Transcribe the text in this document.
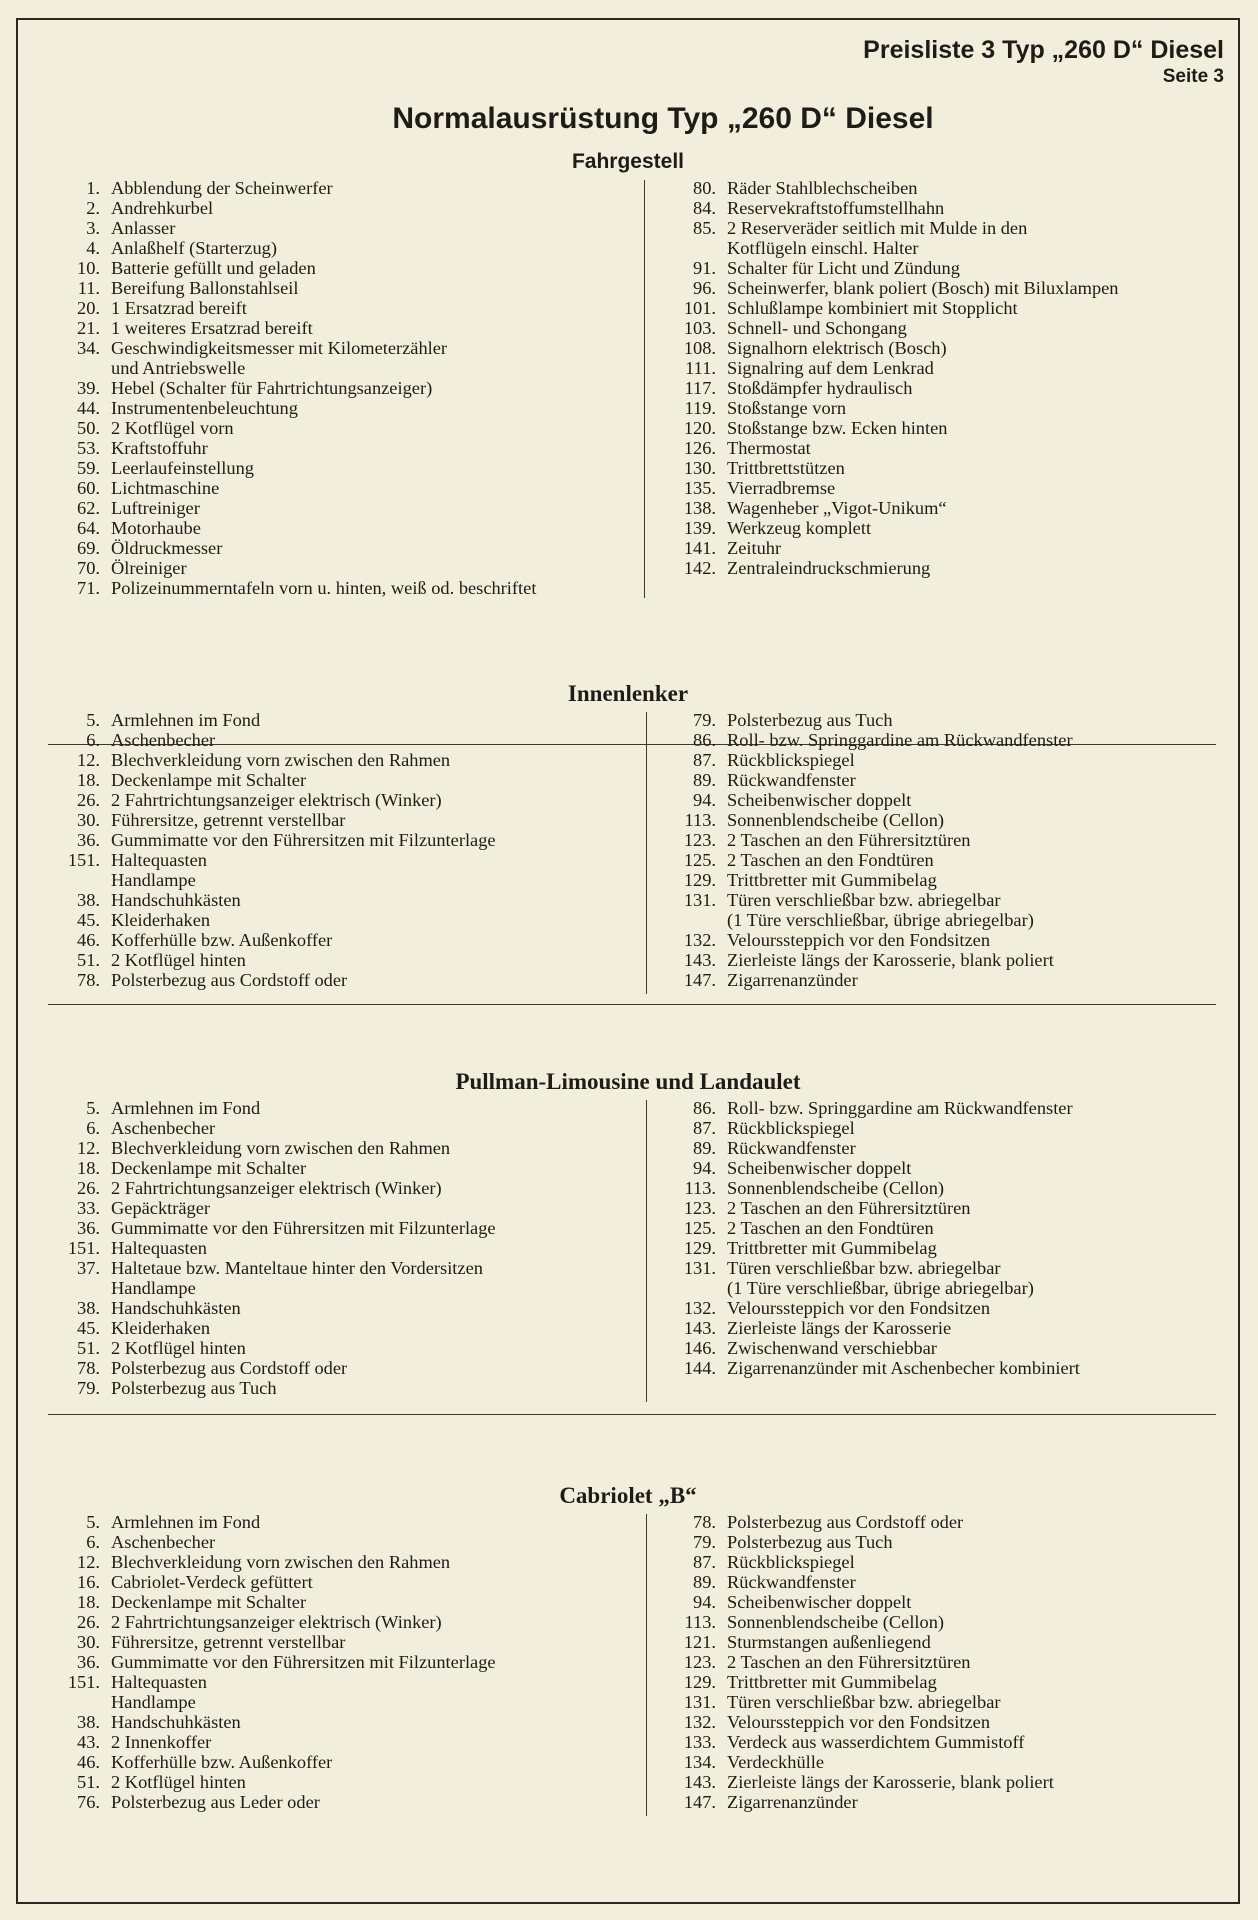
Preisliste 3 Typ „260 D“ Diesel
Seite 3
Normalausrüstung Typ „260 D“ Diesel
Fahrgestell
1. Abblendung der Scheinwerfer
2. Andrehkurbel
3. Anlasser
4. Anlaßhelf (Starterzug)
10. Batterie gefüllt und geladen
11. Bereifung Ballonstahlseil
20. 1 Ersatzrad bereift
21. 1 weiteres Ersatzrad bereift
34. Geschwindigkeitsmesser mit Kilometerzähler
und Antriebswelle
39. Hebel (Schalter für Fahrtrichtungsanzeiger)
44. Instrumentenbeleuchtung
50. 2 Kotflügel vorn
53. Kraftstoffuhr
59. Leerlaufeinstellung
60. Lichtmaschine
62. Luftreiniger
64. Motorhaube
69. Öldruckmesser
70. Ölreiniger
71. Polizeinummerntafeln vorn u. hinten, weiß od. beschriftet
80. Räder Stahlblechscheiben
84. Reservekraftstoffumstellhahn
85. 2 Reserveräder seitlich mit Mulde in den
Kotflügeln einschl. Halter
91. Schalter für Licht und Zündung
96. Scheinwerfer, blank poliert (Bosch) mit Biluxlampen
101. Schlußlampe kombiniert mit Stopplicht
103. Schnell- und Schongang
108. Signalhorn elektrisch (Bosch)
111. Signalring auf dem Lenkrad
117. Stoßdämpfer hydraulisch
119. Stoßstange vorn
120. Stoßstange bzw. Ecken hinten
126. Thermostat
130. Trittbrettstützen
135. Vierradbremse
138. Wagenheber „Vigot-Unikum“
139. Werkzeug komplett
141. Zeituhr
142. Zentraleindruckschmierung
Innenlenker
5. Armlehnen im Fond
6. Aschenbecher
12. Blechverkleidung vorn zwischen den Rahmen
18. Deckenlampe mit Schalter
26. 2 Fahrtrichtungsanzeiger elektrisch (Winker)
30. Führersitze, getrennt verstellbar
36. Gummimatte vor den Führersitzen mit Filzunterlage
151. Haltequasten
Handlampe
38. Handschuhkästen
45. Kleiderhaken
46. Kofferhülle bzw. Außenkoffer
51. 2 Kotflügel hinten
78. Polsterbezug aus Cordstoff oder
79. Polsterbezug aus Tuch
86. Roll- bzw. Springgardine am Rückwandfenster
87. Rückblickspiegel
89. Rückwandfenster
94. Scheibenwischer doppelt
113. Sonnenblendscheibe (Cellon)
123. 2 Taschen an den Führersitztüren
125. 2 Taschen an den Fondtüren
129. Trittbretter mit Gummibelag
131. Türen verschließbar bzw. abriegelbar
(1 Türe verschließbar, übrige abriegelbar)
132. Velourssteppich vor den Fondsitzen
143. Zierleiste längs der Karosserie, blank poliert
147. Zigarrenanzünder
Pullman-Limousine und Landaulet
5. Armlehnen im Fond
6. Aschenbecher
12. Blechverkleidung vorn zwischen den Rahmen
18. Deckenlampe mit Schalter
26. 2 Fahrtrichtungsanzeiger elektrisch (Winker)
33. Gepäckträger
36. Gummimatte vor den Führersitzen mit Filzunterlage
151. Haltequasten
37. Haltetaue bzw. Manteltaue hinter den Vordersitzen
Handlampe
38. Handschuhkästen
45. Kleiderhaken
51. 2 Kotflügel hinten
78. Polsterbezug aus Cordstoff oder
79. Polsterbezug aus Tuch
86. Roll- bzw. Springgardine am Rückwandfenster
87. Rückblickspiegel
89. Rückwandfenster
94. Scheibenwischer doppelt
113. Sonnenblendscheibe (Cellon)
123. 2 Taschen an den Führersitztüren
125. 2 Taschen an den Fondtüren
129. Trittbretter mit Gummibelag
131. Türen verschließbar bzw. abriegelbar
(1 Türe verschließbar, übrige abriegelbar)
132. Velourssteppich vor den Fondsitzen
143. Zierleiste längs der Karosserie
146. Zwischenwand verschiebbar
144. Zigarrenanzünder mit Aschenbecher kombiniert
Cabriolet „B“
5. Armlehnen im Fond
6. Aschenbecher
12. Blechverkleidung vorn zwischen den Rahmen
16. Cabriolet-Verdeck gefüttert
18. Deckenlampe mit Schalter
26. 2 Fahrtrichtungsanzeiger elektrisch (Winker)
30. Führersitze, getrennt verstellbar
36. Gummimatte vor den Führersitzen mit Filzunterlage
151. Haltequasten
Handlampe
38. Handschuhkästen
43. 2 Innenkoffer
46. Kofferhülle bzw. Außenkoffer
51. 2 Kotflügel hinten
76. Polsterbezug aus Leder oder
78. Polsterbezug aus Cordstoff oder
79. Polsterbezug aus Tuch
87. Rückblickspiegel
89. Rückwandfenster
94. Scheibenwischer doppelt
113. Sonnenblendscheibe (Cellon)
121. Sturmstangen außenliegend
123. 2 Taschen an den Führersitztüren
129. Trittbretter mit Gummibelag
131. Türen verschließbar bzw. abriegelbar
132. Velourssteppich vor den Fondsitzen
133. Verdeck aus wasserdichtem Gummistoff
134. Verdeckhülle
143. Zierleiste längs der Karosserie, blank poliert
147. Zigarrenanzünder
